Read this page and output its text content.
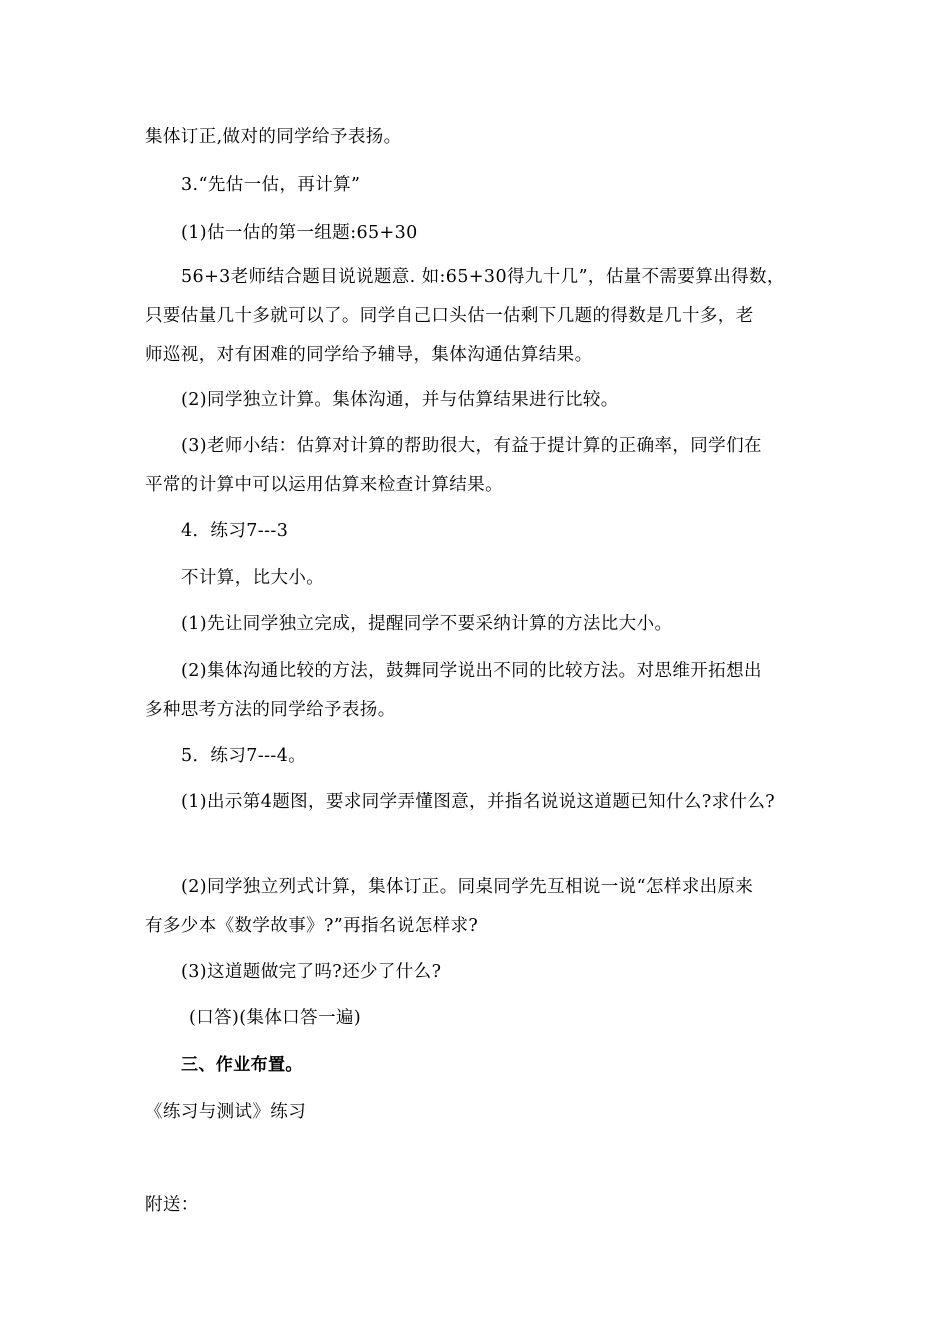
集体订正,做对的同学给予表扬。
3.“先估一估，再计算”
(1)估一估的第一组题:65+30
56+3老师结合题目说说题意. 如:65+30得九十几”，估量不需要算出得数，
只要估量几十多就可以了。同学自己口头估一估剩下几题的得数是几十多，老
师巡视，对有困难的同学给予辅导，集体沟通估算结果。
(2)同学独立计算。集体沟通，并与估算结果进行比较。
(3)老师小结：估算对计算的帮助很大，有益于提计算的正确率，同学们在
平常的计算中可以运用估算来检查计算结果。
4．练习7---3
不计算，比大小。
(1)先让同学独立完成，提醒同学不要采纳计算的方法比大小。
(2)集体沟通比较的方法，鼓舞同学说出不同的比较方法。对思维开拓想出
多种思考方法的同学给予表扬。
5．练习7---4。
(1)出示第4题图，要求同学弄懂图意，并指名说说这道题已知什么?求什么?
(2)同学独立列式计算，集体订正。同桌同学先互相说一说“怎样求出原来
有多少本《数学故事》?”再指名说怎样求?
(3)这道题做完了吗?还少了什么?
(口答)(集体口答一遍)
三、作业布置。
《练习与测试》练习
附送：
